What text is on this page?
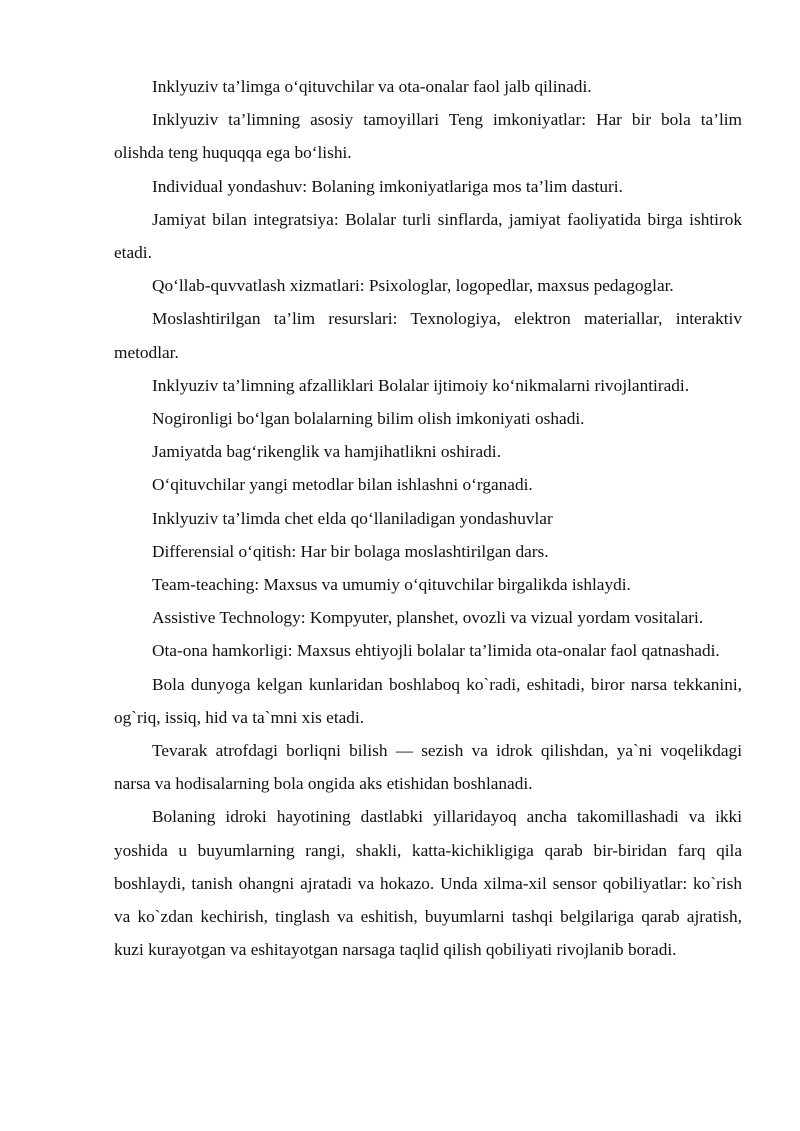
Inklyuziv ta’limga o‘qituvchilar va ota-onalar faol jalb qilinadi.

Inklyuziv ta’limning asosiy tamoyillari Teng imkoniyatlar: Har bir bola ta’lim olishda teng huquqqa ega bo‘lishi.

Individual yondashuv: Bolaning imkoniyatlariga mos ta’lim dasturi.

Jamiyat bilan integratsiya: Bolalar turli sinflarda, jamiyat faoliyatida birga ishtirok etadi.

Qo‘llab-quvvatlash xizmatlari: Psixologlar, logopedlar, maxsus pedagoglar.

Moslashtirilgan ta’lim resurslari: Texnologiya, elektron materiallar, interaktiv metodlar.

Inklyuziv ta’limning afzalliklari Bolalar ijtimoiy ko‘nikmalarni rivojlantiradi.

Nogironligi bo‘lgan bolalarning bilim olish imkoniyati oshadi.

Jamiyatda bag‘rikenglik va hamjihatlikni oshiradi.

O‘qituvchilar yangi metodlar bilan ishlashni o‘rganadi.

Inklyuziv ta’limda chet elda qo‘llaniladigan yondashuvlar

Differensial o‘qitish: Har bir bolaga moslashtirilgan dars.

Team-teaching: Maxsus va umumiy o‘qituvchilar birgalikda ishlaydi.

Assistive Technology: Kompyuter, planshet, ovozli va vizual yordam vositalari.

Ota-ona hamkorligi: Maxsus ehtiyojli bolalar ta’limida ota-onalar faol qatnashadi.

Bola dunyoga kelgan kunlaridan boshlaboq ko`radi, eshitadi, biror narsa tekkanini, og`riq, issiq, hid va ta`mni xis etadi.

Tevarak atrofdagi borliqni bilish — sezish va idrok qilishdan, ya`ni voqelikdagi narsa va hodisalarning bola ongida aks etishidan boshlanadi.

Bolaning idroki hayotining dastlabki yillaridayoq ancha takomillashadi va ikki yoshida u buyumlarning rangi, shakli, katta-kichikligiga qarab bir-biridan farq qila boshlaydi, tanish ohangni ajratadi va hokazo. Unda xilma-xil sensor qobiliyatlar: ko`rish va ko`zdan kechirish, tinglash va eshitish, buyumlarni tashqi belgilariga qarab ajratish, kuzi kurayotgan va eshitayotgan narsaga taqlid qilish qobiliyati rivojlanib boradi.
